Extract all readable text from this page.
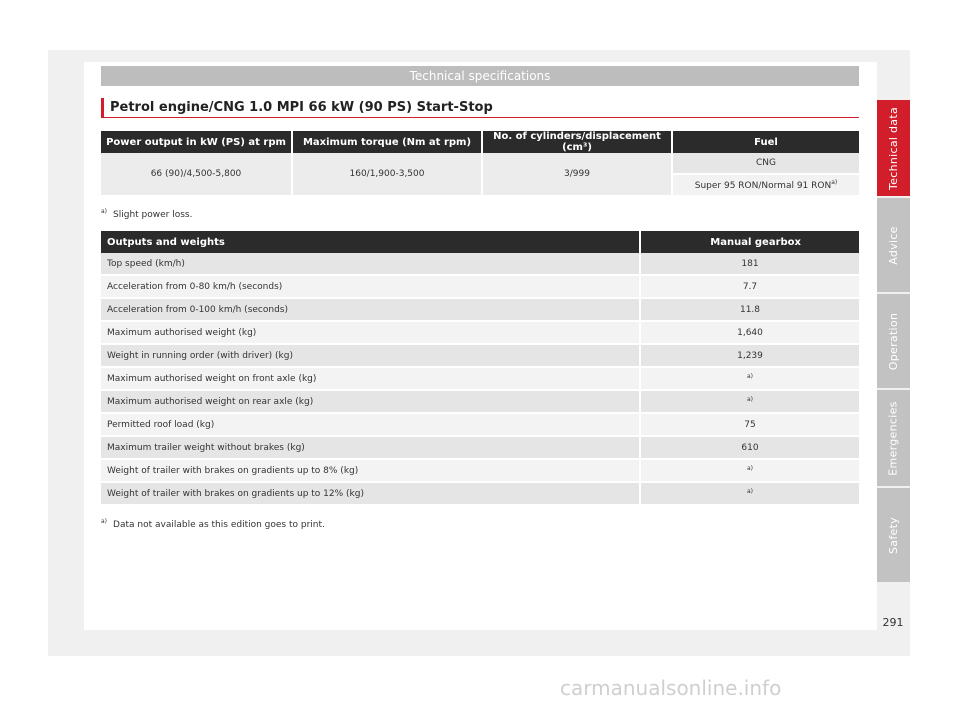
Technical specifications
Petrol engine/CNG 1.0 MPI 66 kW (90 PS) Start-Stop
Power output in kW (PS) at rpm	Maximum torque (Nm at rpm)	No. of cylinders/displacement (cm³)	Fuel
66 (90)/4,500-5,800	160/1,900-3,500	3/999	CNG
			Super 95 RON/Normal 91 RON$^{a)}$
$^{a)}$ Slight power loss.
Outputs and weights	Manual gearbox
Top speed (km/h)	181
Acceleration from 0-80 km/h (seconds)	7.7
Acceleration from 0-100 km/h (seconds)	11.8
Maximum authorised weight (kg)	1,640
Weight in running order (with driver) (kg)	1,239
Maximum authorised weight on front axle (kg)	$^{a)}$
Maximum authorised weight on rear axle (kg)	$^{a)}$
Permitted roof load (kg)	75
Maximum trailer weight without brakes (kg)	610
Weight of trailer with brakes on gradients up to 8% (kg)	$^{a)}$
Weight of trailer with brakes on gradients up to 12% (kg)	$^{a)}$
$^{a)}$ Data not available as this edition goes to print.
Technical data
Advice
Operation
Emergencies
Safety
291
carmanualsonline.info
